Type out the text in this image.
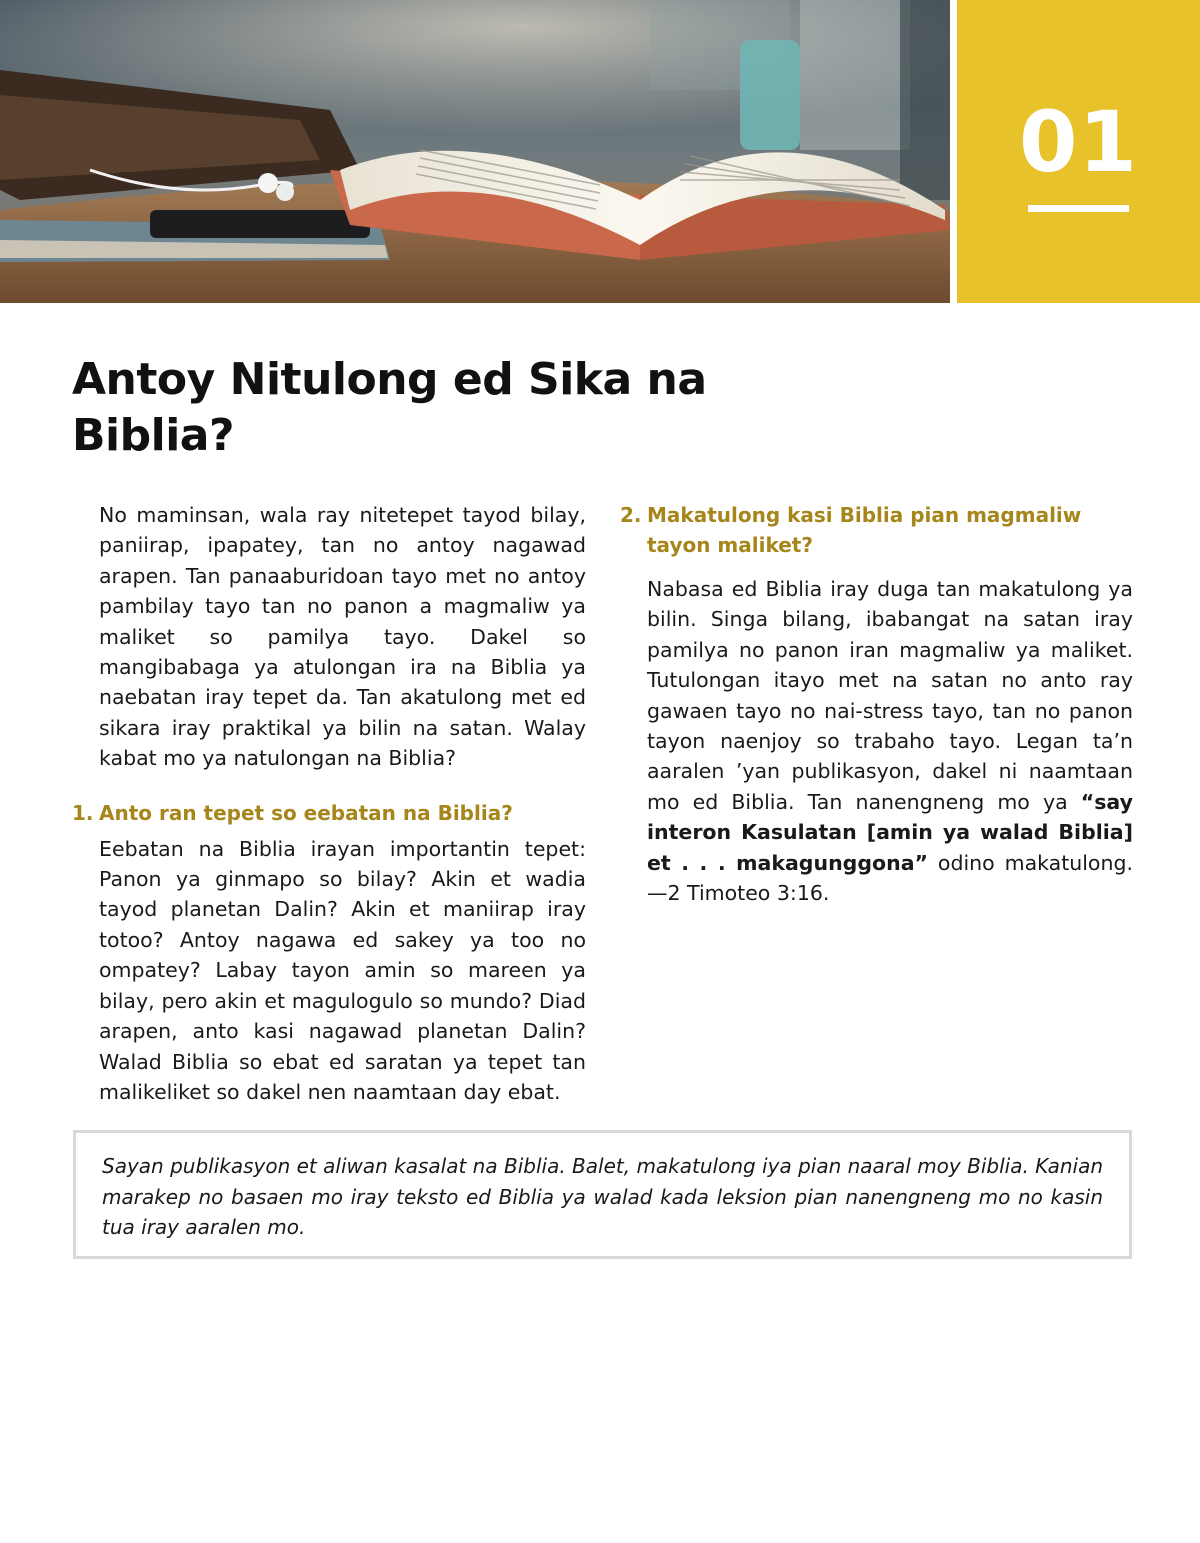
01
Antoy Nitulong ed Sika na Biblia?

No maminsan, wala ray nitetepet tayod bilay, paniirap, ipapatey, tan no antoy nagawad arapen. Tan panaaburidoan tayo met no antoy pambilay tayo tan no panon a magmaliw ya maliket so pamilya tayo. Dakel so mangibabaga ya atulongan ira na Biblia ya naebatan iray tepet da. Tan akatulong met ed sikara iray praktikal ya bilin na satan. Walay kabat mo ya natulongan na Biblia?

1. Anto ran tepet so eebatan na Biblia?

Eebatan na Biblia irayan importantin tepet: Panon ya ginmapo so bilay? Akin et wadia tayod planetan Dalin? Akin et maniirap iray totoo? Antoy nagawa ed sakey ya too no ompatey? Labay tayon amin so mareen ya bilay, pero akin et magulogulo so mundo? Diad arapen, anto kasi nagawad planetan Dalin? Walad Biblia so ebat ed saratan ya tepet tan malikeliket so dakel nen naamtaan day ebat.

2. Makatulong kasi Biblia pian magmaliw tayon maliket?

Nabasa ed Biblia iray duga tan makatulong ya bilin. Singa bilang, ibabangat na satan iray pamilya no panon iran magmaliw ya maliket. Tutulongan itayo met na satan no anto ray gawaen tayo no nai-stress tayo, tan no panon tayon naenjoy so trabaho tayo. Legan ta’n aaralen ’yan publikasyon, dakel ni naamtaan mo ed Biblia. Tan nanengneng mo ya “say interon Kasulatan [amin ya walad Biblia] et . . . makagunggona” odino makatulong.—2 Timoteo 3:16.

Sayan publikasyon et aliwan kasalat na Biblia. Balet, makatulong iya pian naaral moy Biblia. Kanian marakep no basaen mo iray teksto ed Biblia ya walad kada leksion pian nanengneng mo no kasin tua iray aaralen mo.
